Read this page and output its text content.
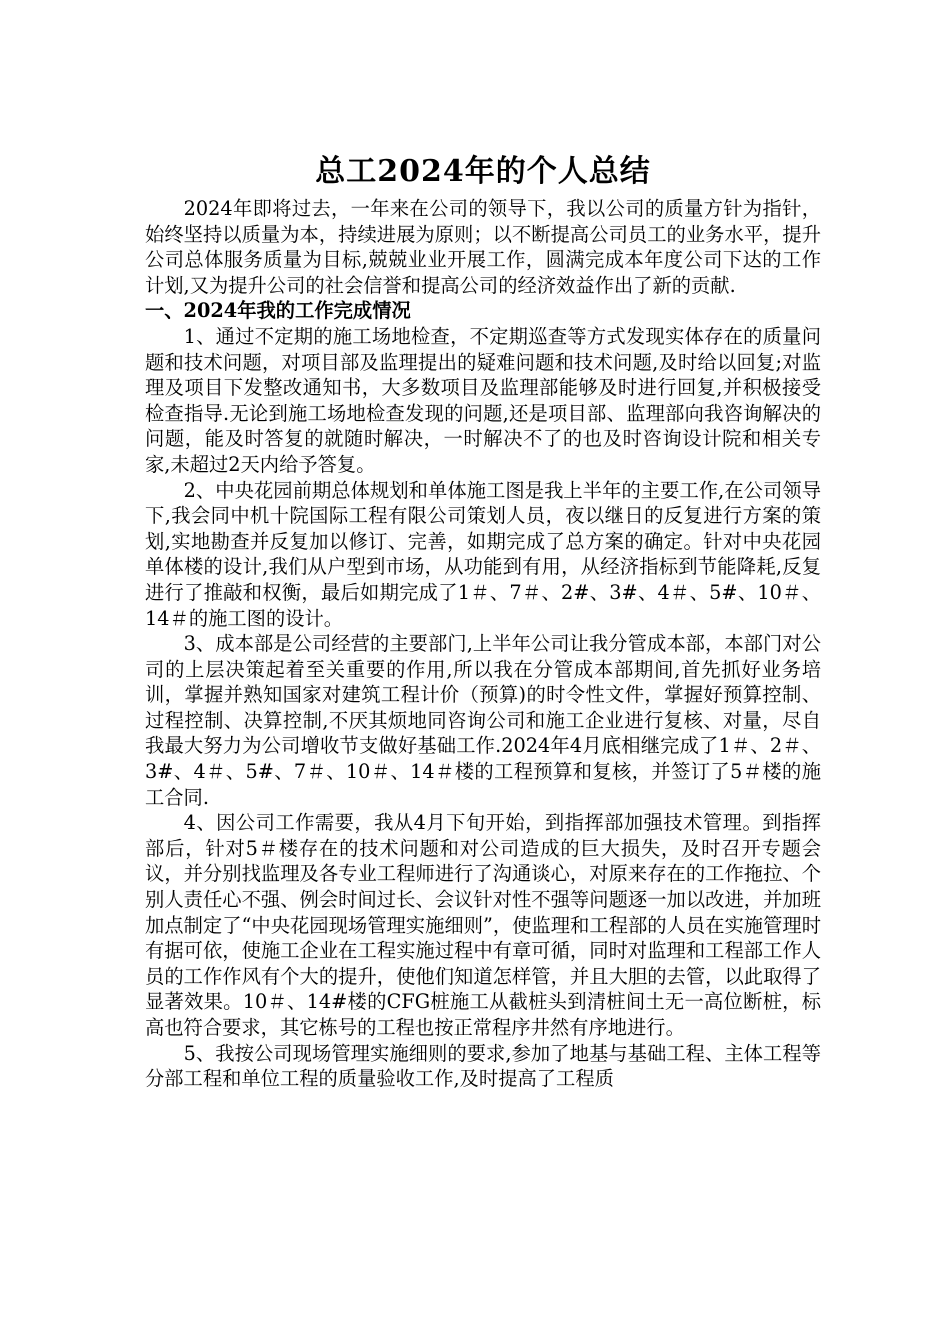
总工2024年的个人总结

2024年即将过去，一年来在公司的领导下，我以公司的质量方针为指针，始终坚持以质量为本，持续进展为原则；以不断提高公司员工的业务水平，提升公司总体服务质量为目标,兢兢业业开展工作，圆满完成本年度公司下达的工作计划,又为提升公司的社会信誉和提高公司的经济效益作出了新的贡献.

一、2024年我的工作完成情况

1、通过不定期的施工场地检查，不定期巡查等方式发现实体存在的质量问题和技术问题，对项目部及监理提出的疑难问题和技术问题,及时给以回复;对监理及项目下发整改通知书，大多数项目及监理部能够及时进行回复,并积极接受检查指导.无论到施工场地检查发现的问题,还是项目部、监理部向我咨询解决的问题，能及时答复的就随时解决，一时解决不了的也及时咨询设计院和相关专家,未超过2天内给予答复。

2、中央花园前期总体规划和单体施工图是我上半年的主要工作,在公司领导下,我会同中机十院国际工程有限公司策划人员，夜以继日的反复进行方案的策划,实地勘查并反复加以修订、完善，如期完成了总方案的确定。针对中央花园单体楼的设计,我们从户型到市场，从功能到有用，从经济指标到节能降耗,反复进行了推敲和权衡，最后如期完成了1＃、7＃、2#、3#、4＃、5#、10＃、14＃的施工图的设计。

3、成本部是公司经营的主要部门,上半年公司让我分管成本部，本部门对公司的上层决策起着至关重要的作用,所以我在分管成本部期间,首先抓好业务培训，掌握并熟知国家对建筑工程计价（预算)的时令性文件，掌握好预算控制、过程控制、决算控制,不厌其烦地同咨询公司和施工企业进行复核、对量，尽自我最大努力为公司增收节支做好基础工作.2024年4月底相继完成了1＃、2＃、3#、4＃、5#、7＃、10＃、14＃楼的工程预算和复核，并签订了5＃楼的施工合同.

4、因公司工作需要，我从4月下旬开始，到指挥部加强技术管理。到指挥部后，针对5＃楼存在的技术问题和对公司造成的巨大损失，及时召开专题会议，并分别找监理及各专业工程师进行了沟通谈心，对原来存在的工作拖拉、个别人责任心不强、例会时间过长、会议针对性不强等问题逐一加以改进，并加班加点制定了“中央花园现场管理实施细则”，使监理和工程部的人员在实施管理时有据可依，使施工企业在工程实施过程中有章可循，同时对监理和工程部工作人员的工作作风有个大的提升，使他们知道怎样管，并且大胆的去管，以此取得了显著效果。10＃、14#楼的CFG桩施工从截桩头到清桩间土无一高位断桩，标高也符合要求，其它栋号的工程也按正常程序井然有序地进行。

5、我按公司现场管理实施细则的要求,参加了地基与基础工程、主体工程等分部工程和单位工程的质量验收工作,及时提高了工程质
